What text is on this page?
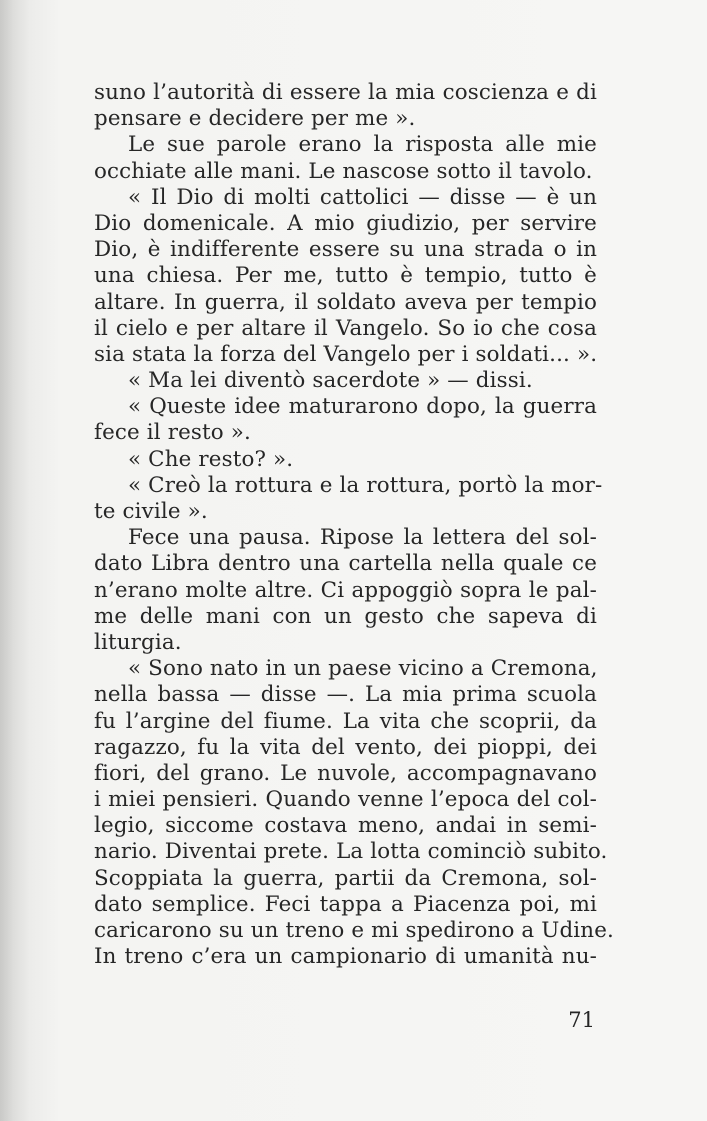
suno l’autorità di essere la mia coscienza e di
pensare e decidere per me ».
Le sue parole erano la risposta alle mie
occhiate alle mani. Le nascose sotto il tavolo.
« Il Dio di molti cattolici — disse — è un
Dio domenicale. A mio giudizio, per servire
Dio, è indifferente essere su una strada o in
una chiesa. Per me, tutto è tempio, tutto è
altare. In guerra, il soldato aveva per tempio
il cielo e per altare il Vangelo. So io che cosa
sia stata la forza del Vangelo per i soldati... ».
« Ma lei diventò sacerdote » — dissi.
« Queste idee maturarono dopo, la guerra
fece il resto ».
« Che resto? ».
« Creò la rottura e la rottura, portò la mor-
te civile ».
Fece una pausa. Ripose la lettera del sol-
dato Libra dentro una cartella nella quale ce
n’erano molte altre. Ci appoggiò sopra le pal-
me delle mani con un gesto che sapeva di
liturgia.
« Sono nato in un paese vicino a Cremona,
nella bassa — disse —. La mia prima scuola
fu l’argine del fiume. La vita che scoprii, da
ragazzo, fu la vita del vento, dei pioppi, dei
fiori, del grano. Le nuvole, accompagnavano
i miei pensieri. Quando venne l’epoca del col-
legio, siccome costava meno, andai in semi-
nario. Diventai prete. La lotta cominciò subito.
Scoppiata la guerra, partii da Cremona, sol-
dato semplice. Feci tappa a Piacenza poi, mi
caricarono su un treno e mi spedirono a Udine.
In treno c’era un campionario di umanità nu-
71
